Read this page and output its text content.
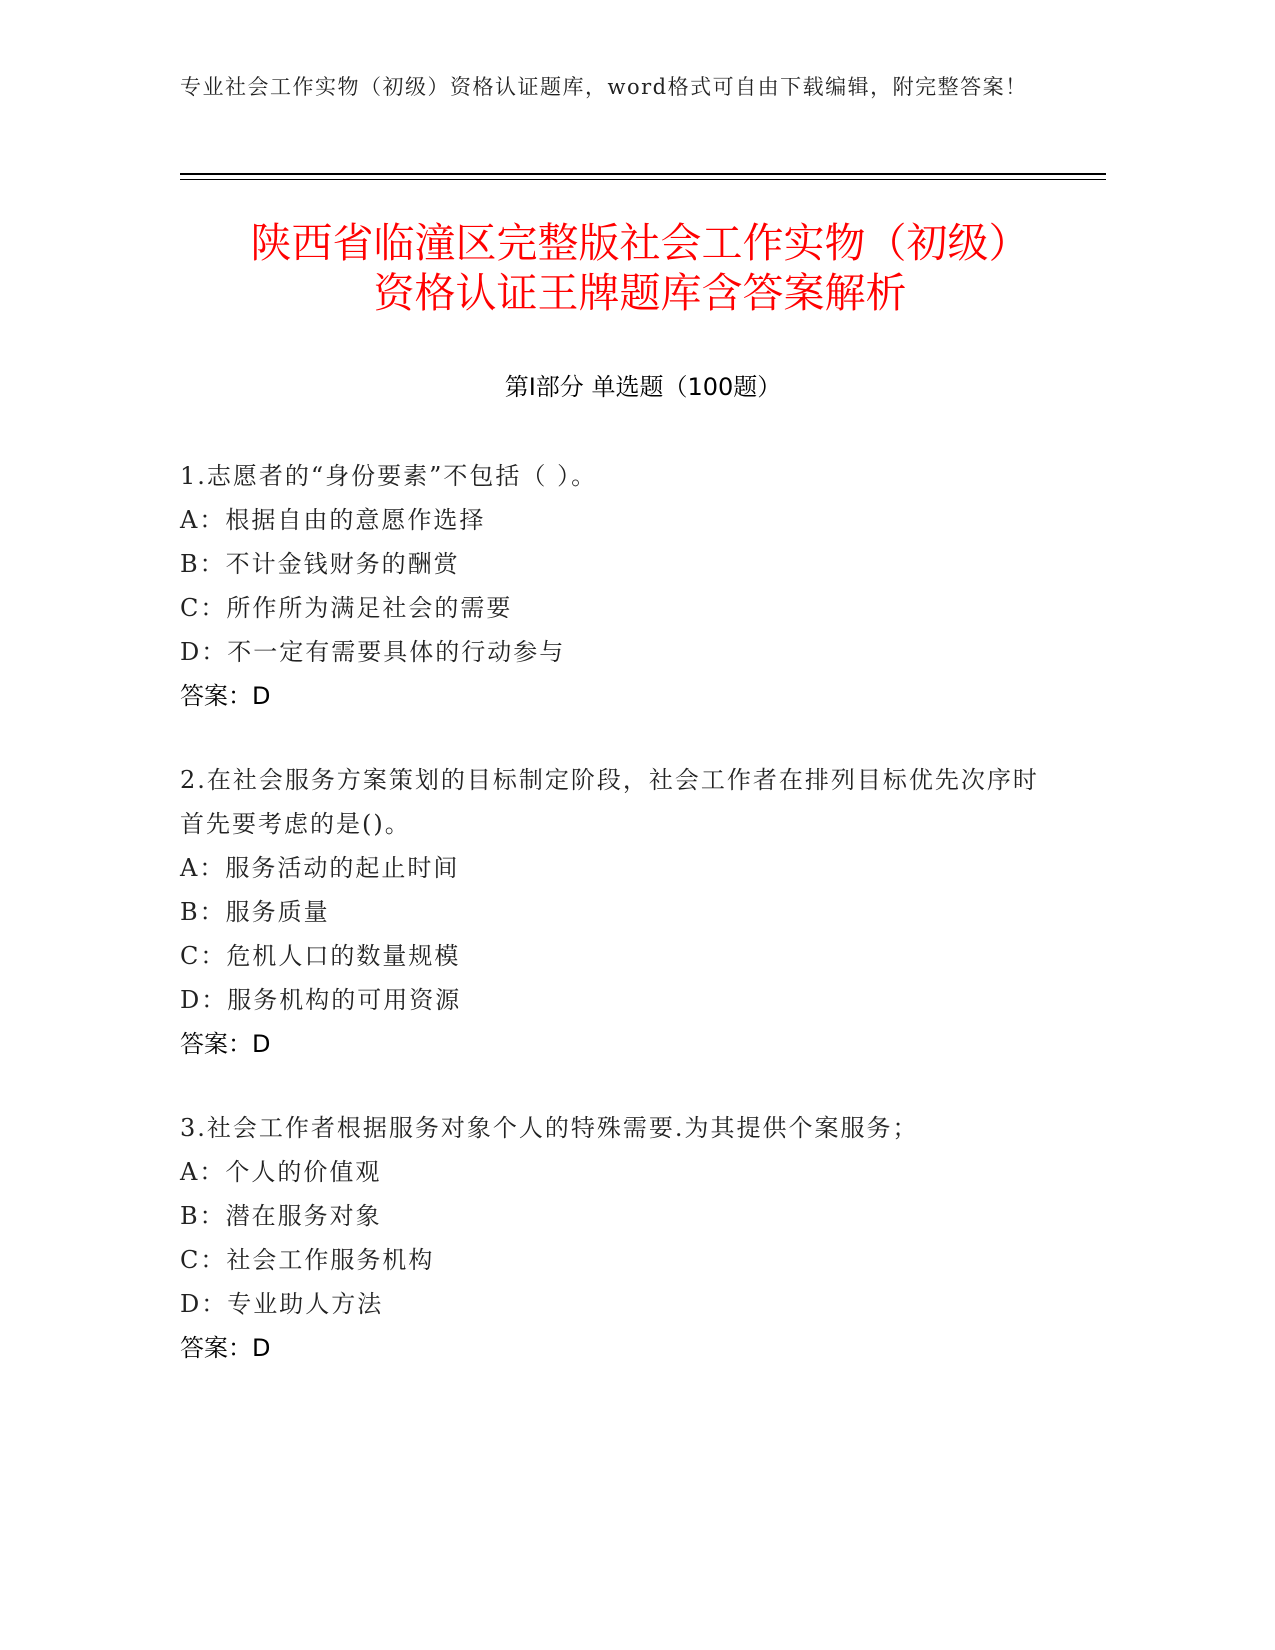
专业社会工作实物（初级）资格认证题库，word格式可自由下载编辑，附完整答案！
陕西省临潼区完整版社会工作实物（初级）
资格认证王牌题库含答案解析
第Ⅰ部分 单选题（100题）

1.志愿者的“身份要素”不包括（ ）。

A：根据自由的意愿作选择

B：不计金钱财务的酬赏

C：所作所为满足社会的需要

D：不一定有需要具体的行动参与

答案：D

2.在社会服务方案策划的目标制定阶段，社会工作者在排列目标优先次序时首先要考虑的是()。

A：服务活动的起止时间

B：服务质量

C：危机人口的数量规模

D：服务机构的可用资源

答案：D

3.社会工作者根据服务对象个人的特殊需要.为其提供个案服务；

A：个人的价值观

B：潜在服务对象

C：社会工作服务机构

D：专业助人方法

答案：D
